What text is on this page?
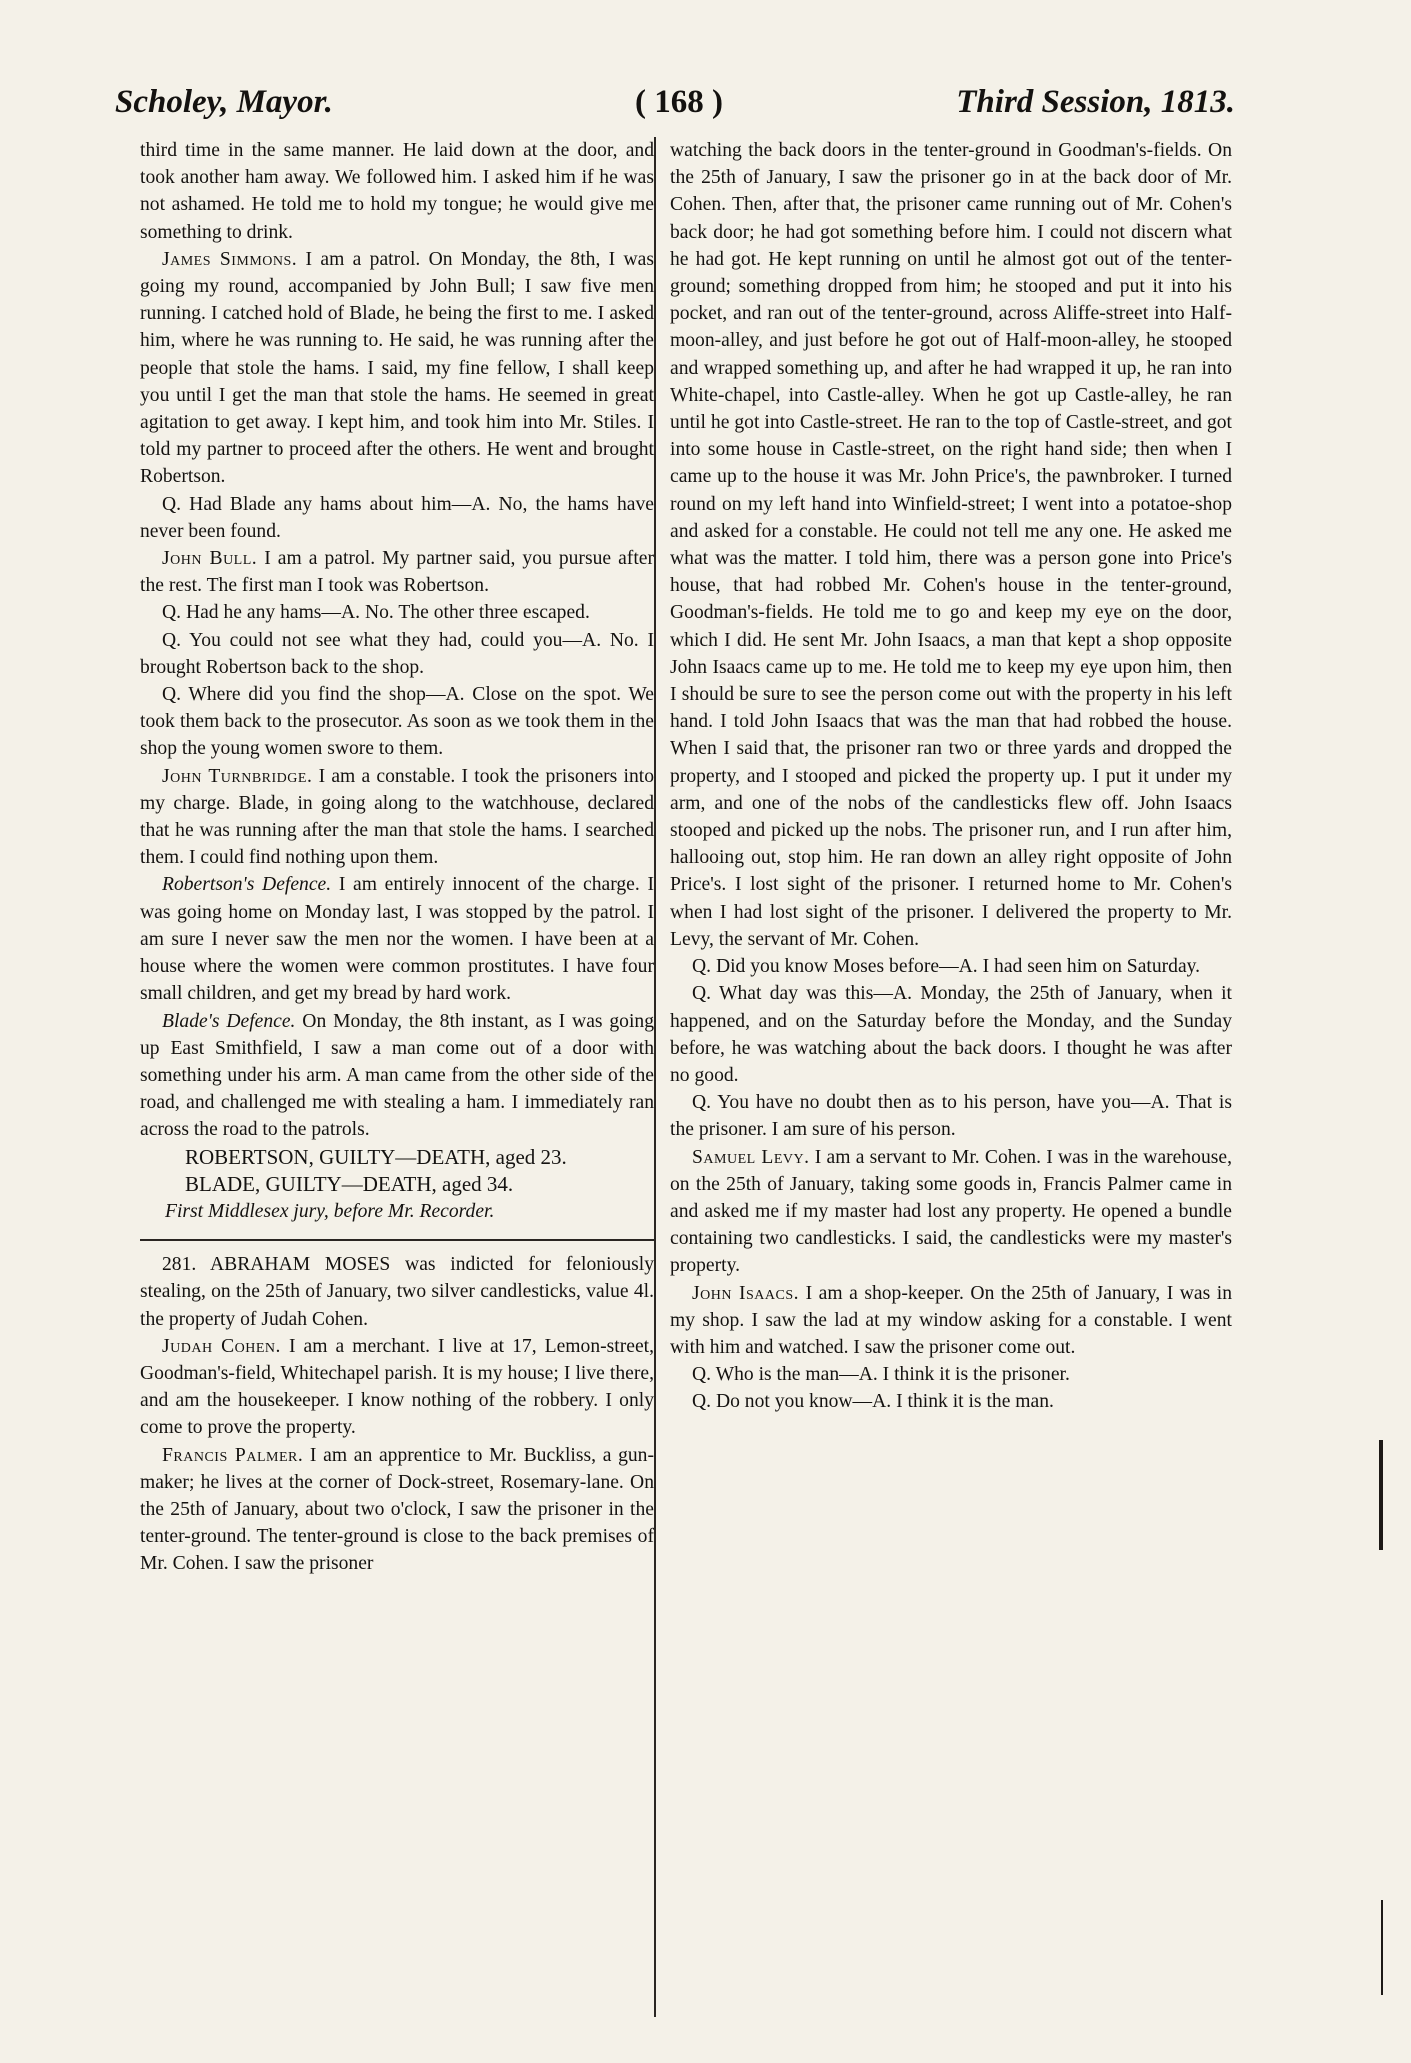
Scholey, Mayor.	( 168 )	Third Session, 1813.

third time in the same manner. He laid down at the door, and took another ham away. We followed him. I asked him if he was not ashamed. He told me to hold my tongue; he would give me something to drink.

James Simmons. I am a patrol. On Monday, the 8th, I was going my round, accompanied by John Bull; I saw five men running. I catched hold of Blade, he being the first to me. I asked him, where he was running to. He said, he was running after the people that stole the hams. I said, my fine fellow, I shall keep you until I get the man that stole the hams. He seemed in great agitation to get away. I kept him, and took him into Mr. Stiles. I told my partner to proceed after the others. He went and brought Robertson.

Q. Had Blade any hams about him—A. No, the hams have never been found.

John Bull. I am a patrol. My partner said, you pursue after the rest. The first man I took was Robertson.

Q. Had he any hams—A. No. The other three escaped.

Q. You could not see what they had, could you—A. No. I brought Robertson back to the shop.

Q. Where did you find the shop—A. Close on the spot. We took them back to the prosecutor. As soon as we took them in the shop the young women swore to them.

John Turnbridge. I am a constable. I took the prisoners into my charge. Blade, in going along to the watchhouse, declared that he was running after the man that stole the hams. I searched them. I could find nothing upon them.

Robertson's Defence. I am entirely innocent of the charge. I was going home on Monday last, I was stopped by the patrol. I am sure I never saw the men nor the women. I have been at a house where the women were common prostitutes. I have four small children, and get my bread by hard work.

Blade's Defence. On Monday, the 8th instant, as I was going up East Smithfield, I saw a man come out of a door with something under his arm. A man came from the other side of the road, and challenged me with stealing a ham. I immediately ran across the road to the patrols.

ROBERTSON, GUILTY—DEATH, aged 23.

BLADE, GUILTY—DEATH, aged 34.

First Middlesex jury, before Mr. Recorder.

281. ABRAHAM MOSES was indicted for feloniously stealing, on the 25th of January, two silver candlesticks, value 4l. the property of Judah Cohen.

Judah Cohen. I am a merchant. I live at 17, Lemon-street, Goodman's-field, Whitechapel parish. It is my house; I live there, and am the housekeeper. I know nothing of the robbery. I only come to prove the property.

Francis Palmer. I am an apprentice to Mr. Buckliss, a gun-maker; he lives at the corner of Dock-street, Rosemary-lane. On the 25th of January, about two o'clock, I saw the prisoner in the tenter-ground. The tenter-ground is close to the back premises of Mr. Cohen. I saw the prisoner

watching the back doors in the tenter-ground in Goodman's-fields. On the 25th of January, I saw the prisoner go in at the back door of Mr. Cohen. Then, after that, the prisoner came running out of Mr. Cohen's back door; he had got something before him. I could not discern what he had got. He kept running on until he almost got out of the tenter-ground; something dropped from him; he stooped and put it into his pocket, and ran out of the tenter-ground, across Aliffe-street into Half-moon-alley, and just before he got out of Half-moon-alley, he stooped and wrapped something up, and after he had wrapped it up, he ran into White-chapel, into Castle-alley. When he got up Castle-alley, he ran until he got into Castle-street. He ran to the top of Castle-street, and got into some house in Castle-street, on the right hand side; then when I came up to the house it was Mr. John Price's, the pawnbroker. I turned round on my left hand into Winfield-street; I went into a potatoe-shop and asked for a constable. He could not tell me any one. He asked me what was the matter. I told him, there was a person gone into Price's house, that had robbed Mr. Cohen's house in the tenter-ground, Goodman's-fields. He told me to go and keep my eye on the door, which I did. He sent Mr. John Isaacs, a man that kept a shop opposite John Isaacs came up to me. He told me to keep my eye upon him, then I should be sure to see the person come out with the property in his left hand. I told John Isaacs that was the man that had robbed the house. When I said that, the prisoner ran two or three yards and dropped the property, and I stooped and picked the property up. I put it under my arm, and one of the nobs of the candlesticks flew off. John Isaacs stooped and picked up the nobs. The prisoner run, and I run after him, hallooing out, stop him. He ran down an alley right opposite of John Price's. I lost sight of the prisoner. I returned home to Mr. Cohen's when I had lost sight of the prisoner. I delivered the property to Mr. Levy, the servant of Mr. Cohen.

Q. Did you know Moses before—A. I had seen him on Saturday.

Q. What day was this—A. Monday, the 25th of January, when it happened, and on the Saturday before the Monday, and the Sunday before, he was watching about the back doors. I thought he was after no good.

Q. You have no doubt then as to his person, have you—A. That is the prisoner. I am sure of his person.

Samuel Levy. I am a servant to Mr. Cohen. I was in the warehouse, on the 25th of January, taking some goods in, Francis Palmer came in and asked me if my master had lost any property. He opened a bundle containing two candlesticks. I said, the candlesticks were my master's property.

John Isaacs. I am a shop-keeper. On the 25th of January, I was in my shop. I saw the lad at my window asking for a constable. I went with him and watched. I saw the prisoner come out.

Q. Who is the man—A. I think it is the prisoner.

Q. Do not you know—A. I think it is the man.
